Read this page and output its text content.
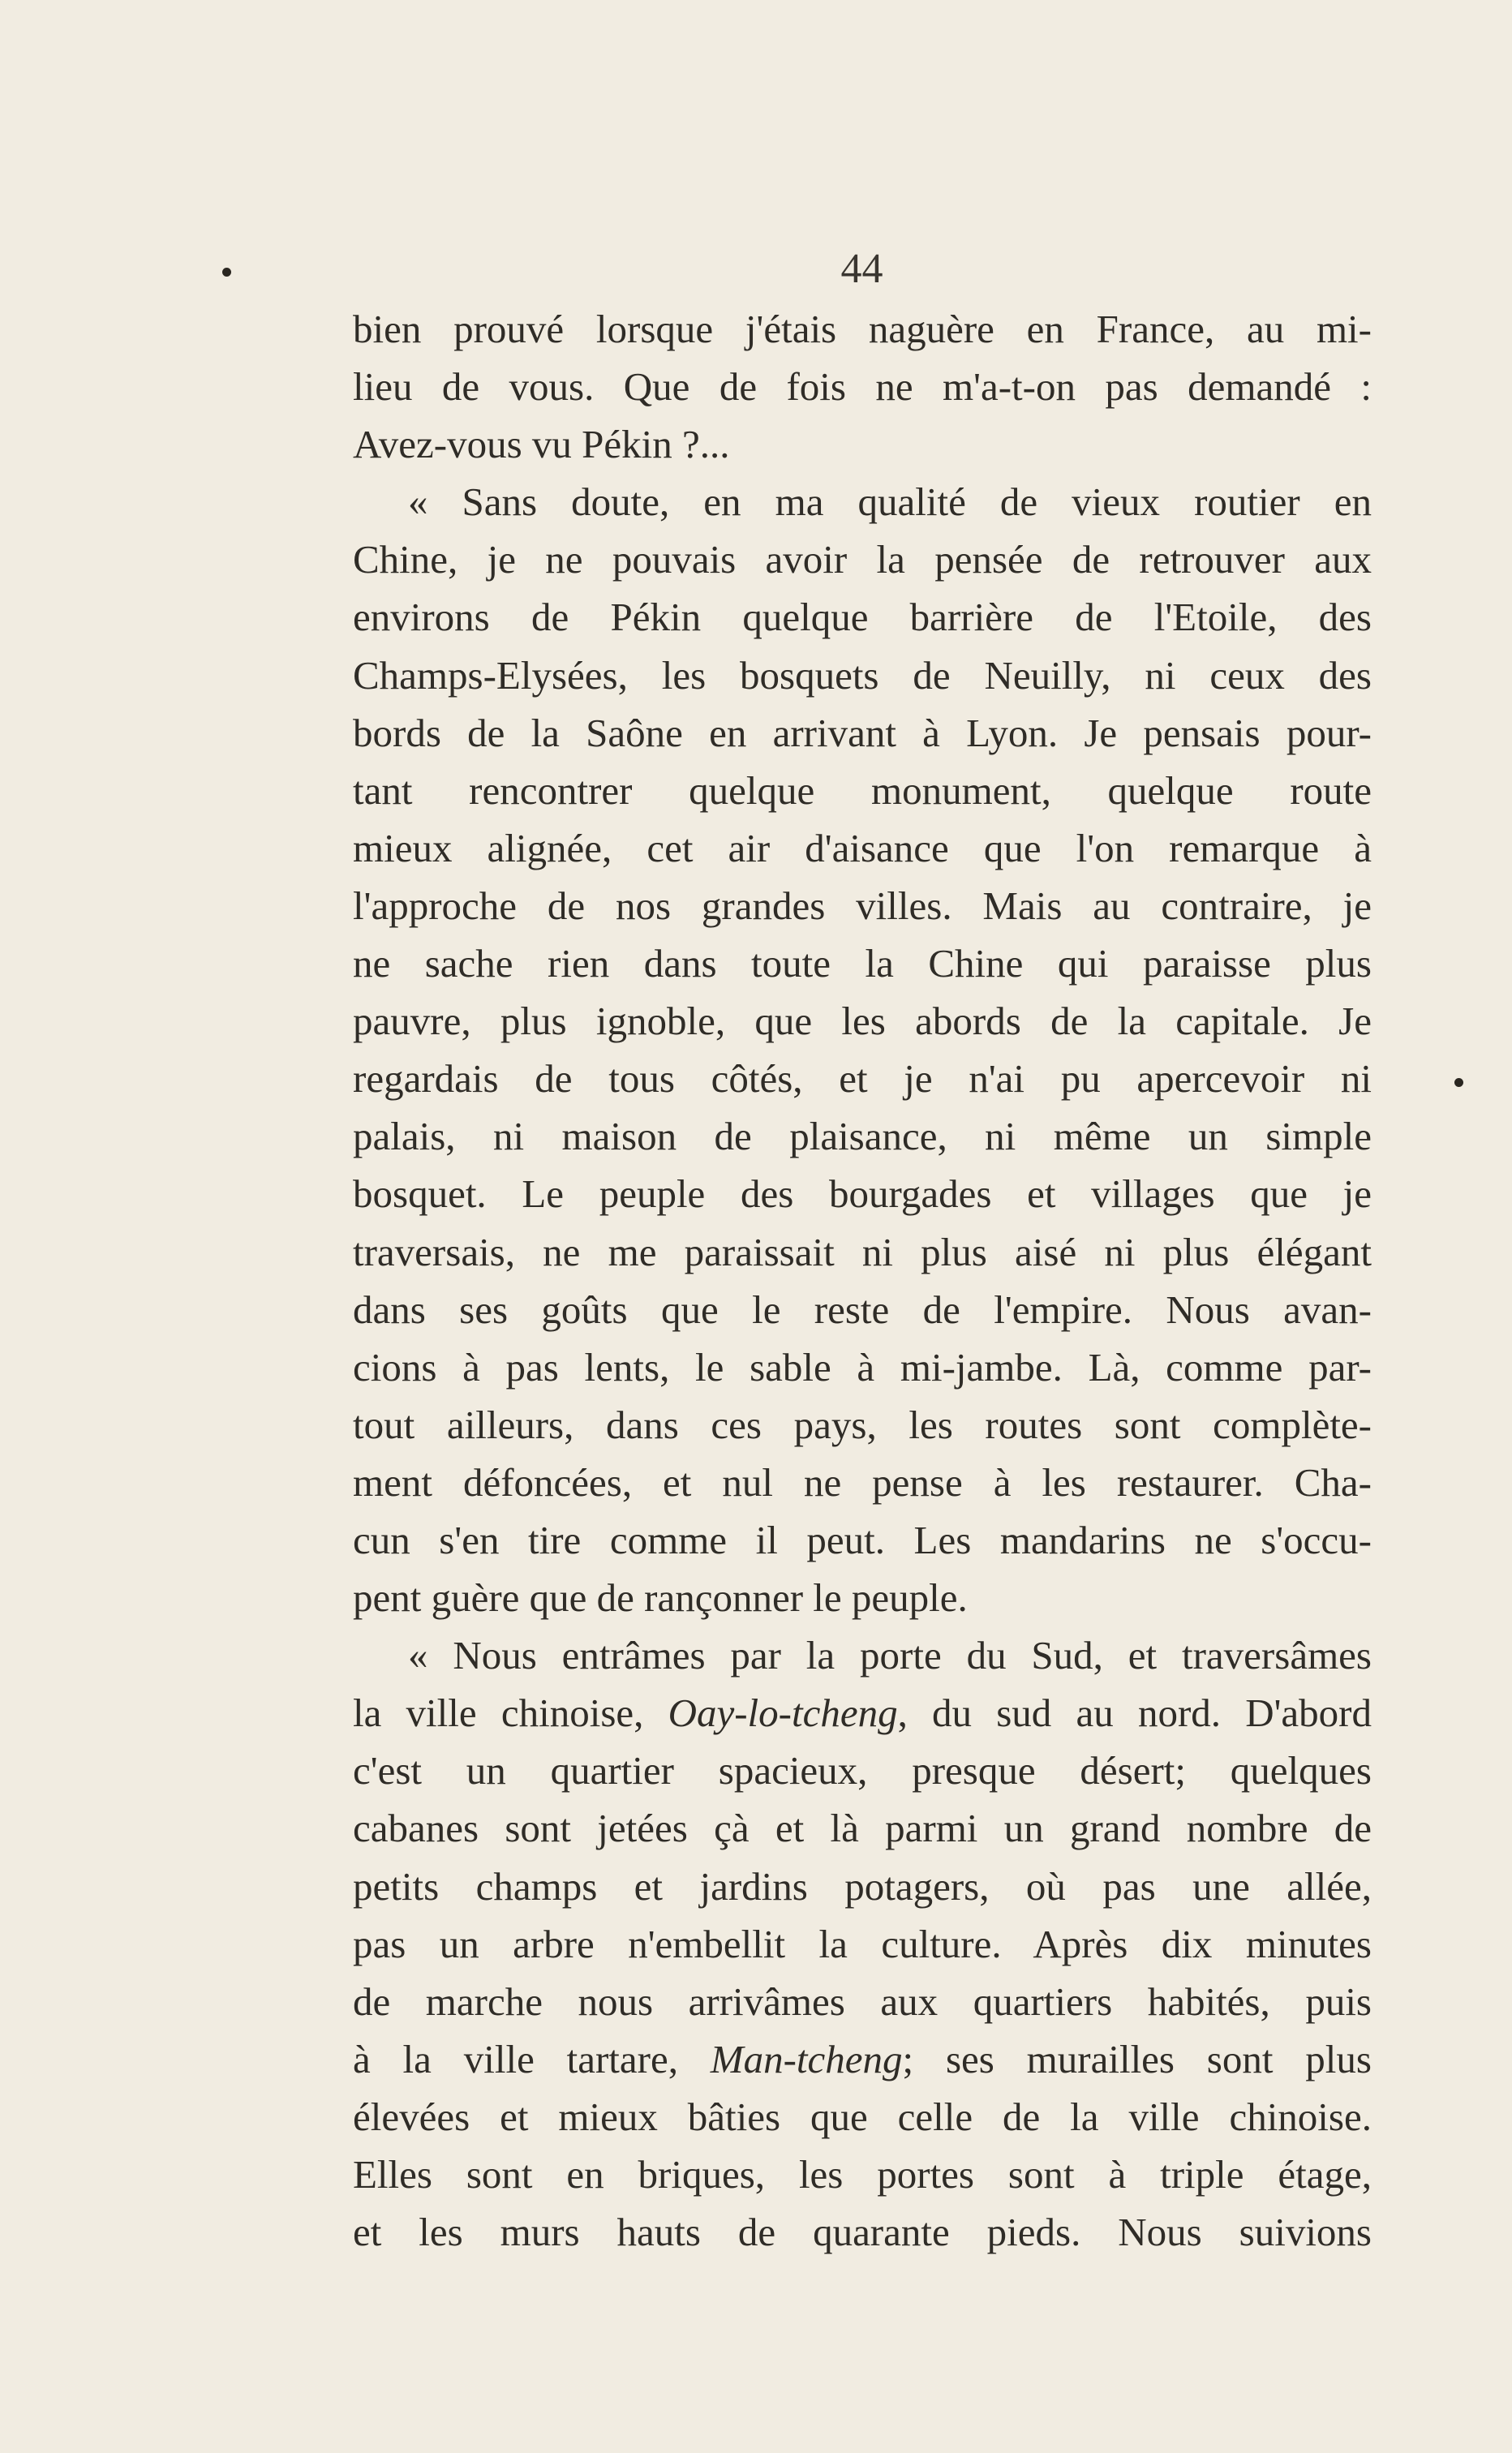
44
bien prouvé lorsque j'étais naguère en France, au mi-
lieu de vous. Que de fois ne m'a-t-on pas demandé :
Avez-vous vu Pékin ?...
« Sans doute, en ma qualité de vieux routier en
Chine, je ne pouvais avoir la pensée de retrouver aux
environs de Pékin quelque barrière de l'Etoile, des
Champs-Elysées, les bosquets de Neuilly, ni ceux des
bords de la Saône en arrivant à Lyon. Je pensais pour-
tant rencontrer quelque monument, quelque route
mieux alignée, cet air d'aisance que l'on remarque à
l'approche de nos grandes villes. Mais au contraire, je
ne sache rien dans toute la Chine qui paraisse plus
pauvre, plus ignoble, que les abords de la capitale. Je
regardais de tous côtés, et je n'ai pu apercevoir ni
palais, ni maison de plaisance, ni même un simple
bosquet. Le peuple des bourgades et villages que je
traversais, ne me paraissait ni plus aisé ni plus élégant
dans ses goûts que le reste de l'empire. Nous avan-
cions à pas lents, le sable à mi-jambe. Là, comme par-
tout ailleurs, dans ces pays, les routes sont complète-
ment défoncées, et nul ne pense à les restaurer. Cha-
cun s'en tire comme il peut. Les mandarins ne s'occu-
pent guère que de rançonner le peuple.
« Nous entrâmes par la porte du Sud, et traversâmes
la ville chinoise, Oay-lo-tcheng, du sud au nord. D'abord
c'est un quartier spacieux, presque désert; quelques
cabanes sont jetées çà et là parmi un grand nombre de
petits champs et jardins potagers, où pas une allée,
pas un arbre n'embellit la culture. Après dix minutes
de marche nous arrivâmes aux quartiers habités, puis
à la ville tartare, Man-tcheng; ses murailles sont plus
élevées et mieux bâties que celle de la ville chinoise.
Elles sont en briques, les portes sont à triple étage,
et les murs hauts de quarante pieds. Nous suivions
